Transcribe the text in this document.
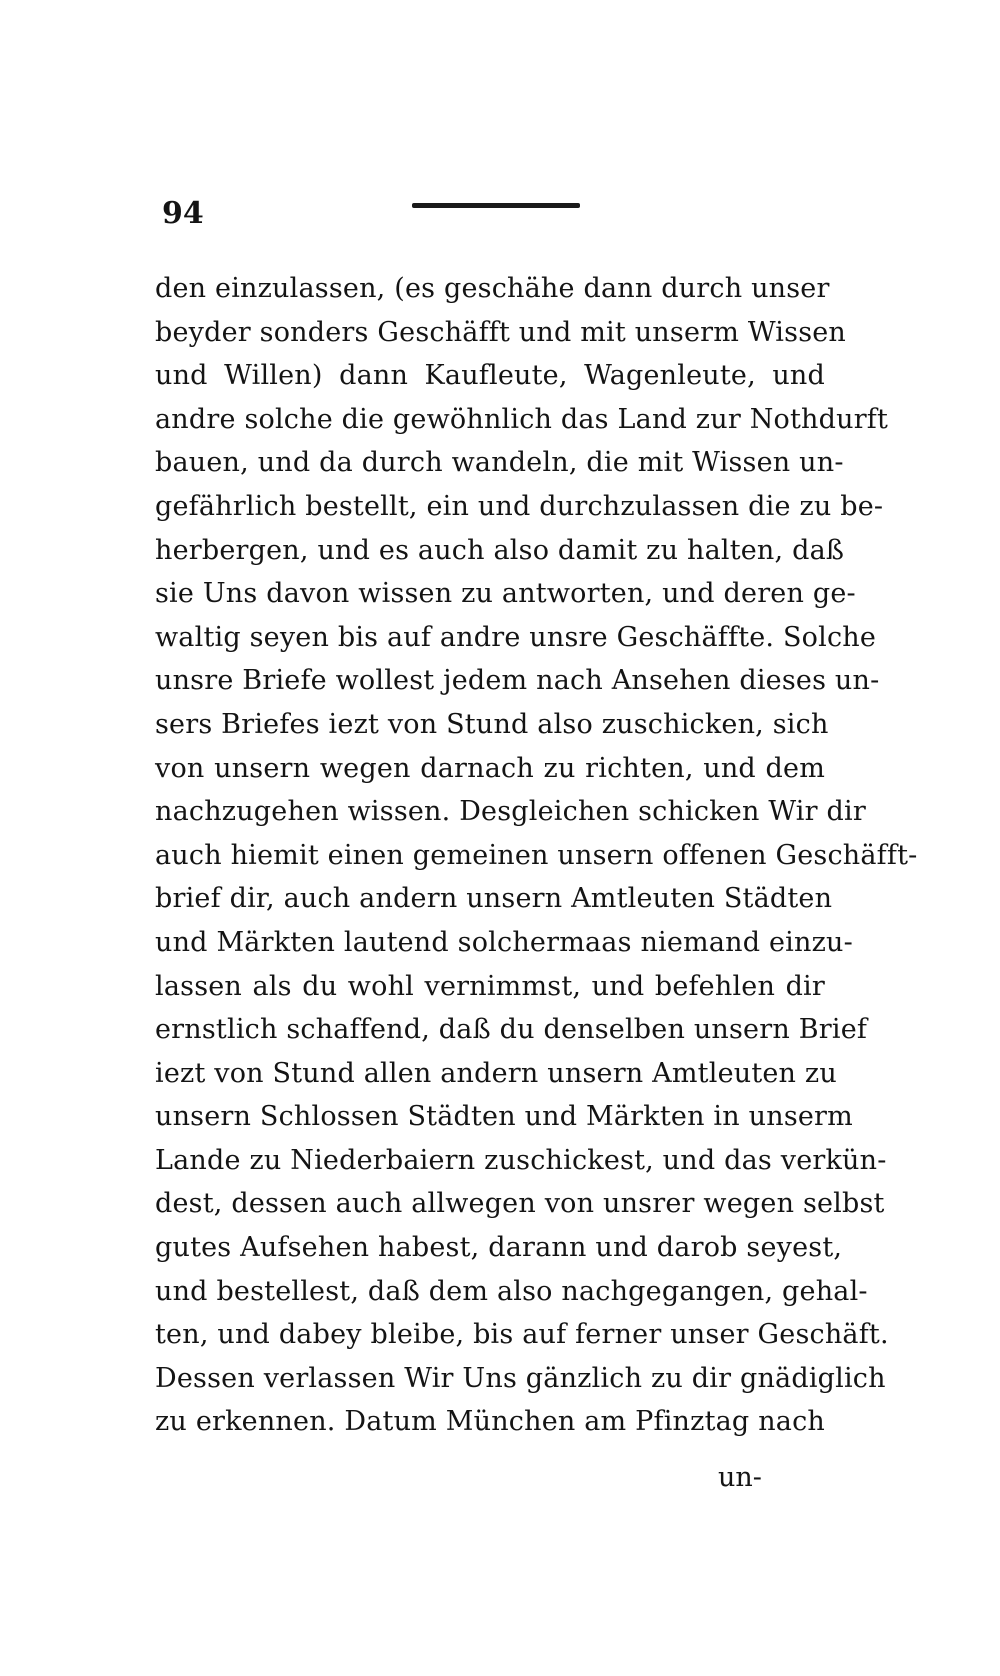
94
den einzulassen, (es geschähe dann durch unser
beyder sonders Geschäfft und mit unserm Wissen
und Willen) dann Kaufleute, Wagenleute, und
andre solche die gewöhnlich das Land zur Nothdurft
bauen, und da durch wandeln, die mit Wissen un-
gefährlich bestellt, ein und durchzulassen die zu be-
herbergen, und es auch also damit zu halten, daß
sie Uns davon wissen zu antworten, und deren ge-
waltig seyen bis auf andre unsre Geschäffte. Solche
unsre Briefe wollest jedem nach Ansehen dieses un-
sers Briefes iezt von Stund also zuschicken, sich
von unsern wegen darnach zu richten, und dem
nachzugehen wissen. Desgleichen schicken Wir dir
auch hiemit einen gemeinen unsern offenen Geschäfft-
brief dir, auch andern unsern Amtleuten Städten
und Märkten lautend solchermaas niemand einzu-
lassen als du wohl vernimmst, und befehlen dir
ernstlich schaffend, daß du denselben unsern Brief
iezt von Stund allen andern unsern Amtleuten zu
unsern Schlossen Städten und Märkten in unserm
Lande zu Niederbaiern zuschickest, und das verkün-
dest, dessen auch allwegen von unsrer wegen selbst
gutes Aufsehen habest, darann und darob seyest,
und bestellest, daß dem also nachgegangen, gehal-
ten, und dabey bleibe, bis auf ferner unser Geschäft.
Dessen verlassen Wir Uns gänzlich zu dir gnädiglich
zu erkennen. Datum München am Pfinztag nach
un-
